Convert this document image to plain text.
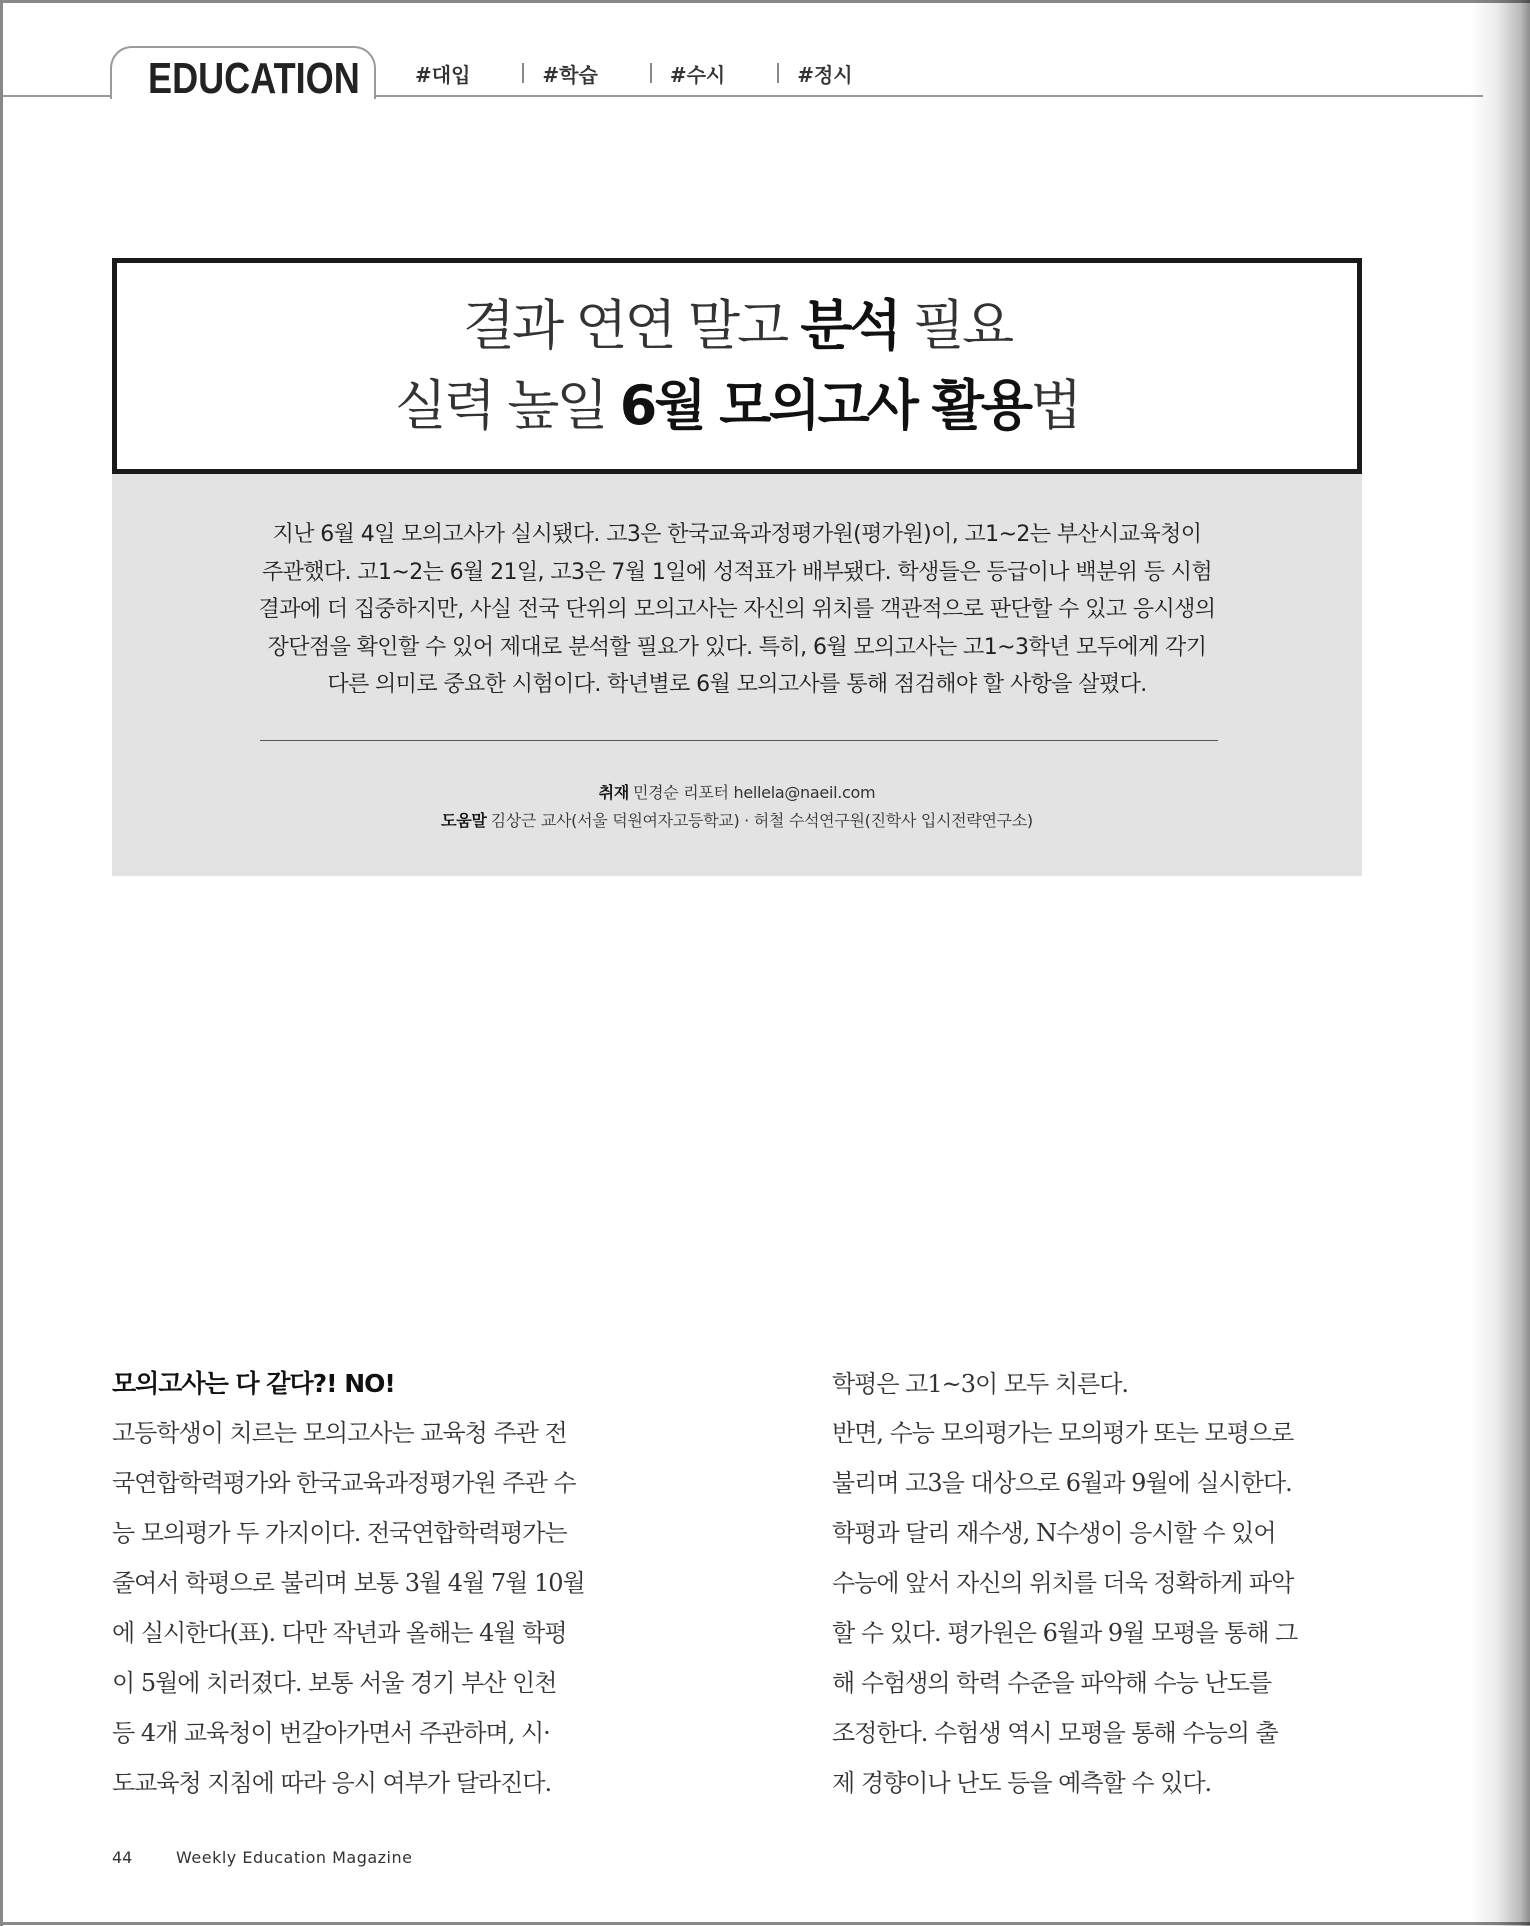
EDUCATION	#대입	#학습	#수시	#정시
결과 연연 말고 분석 필요
실력 높일 6월 모의고사 활용법
지난 6월 4일 모의고사가 실시됐다. 고3은 한국교육과정평가원(평가원)이, 고1~2는 부산시교육청이
주관했다. 고1~2는 6월 21일, 고3은 7월 1일에 성적표가 배부됐다. 학생들은 등급이나 백분위 등 시험
결과에 더 집중하지만, 사실 전국 단위의 모의고사는 자신의 위치를 객관적으로 판단할 수 있고 응시생의
장단점을 확인할 수 있어 제대로 분석할 필요가 있다. 특히, 6월 모의고사는 고1~3학년 모두에게 각기
다른 의미로 중요한 시험이다. 학년별로 6월 모의고사를 통해 점검해야 할 사항을 살폈다.
취재 민경순 리포터 hellela@naeil.com
도움말 김상근 교사(서울 덕원여자고등학교) · 허철 수석연구원(진학사 입시전략연구소)
모의고사는 다 같다?! NO!
고등학생이 치르는 모의고사는 교육청 주관 전
국연합학력평가와 한국교육과정평가원 주관 수
능 모의평가 두 가지이다. 전국연합학력평가는
줄여서 학평으로 불리며 보통 3월 4월 7월 10월
에 실시한다(표). 다만 작년과 올해는 4월 학평
이 5월에 치러졌다. 보통 서울 경기 부산 인천
등 4개 교육청이 번갈아가면서 주관하며, 시·
도교육청 지침에 따라 응시 여부가 달라진다.
학평은 고1~3이 모두 치른다.
반면, 수능 모의평가는 모의평가 또는 모평으로
불리며 고3을 대상으로 6월과 9월에 실시한다.
학평과 달리 재수생, N수생이 응시할 수 있어
수능에 앞서 자신의 위치를 더욱 정확하게 파악
할 수 있다. 평가원은 6월과 9월 모평을 통해 그
해 수험생의 학력 수준을 파악해 수능 난도를
조정한다. 수험생 역시 모평을 통해 수능의 출
제 경향이나 난도 등을 예측할 수 있다.
44	Weekly Education Magazine
